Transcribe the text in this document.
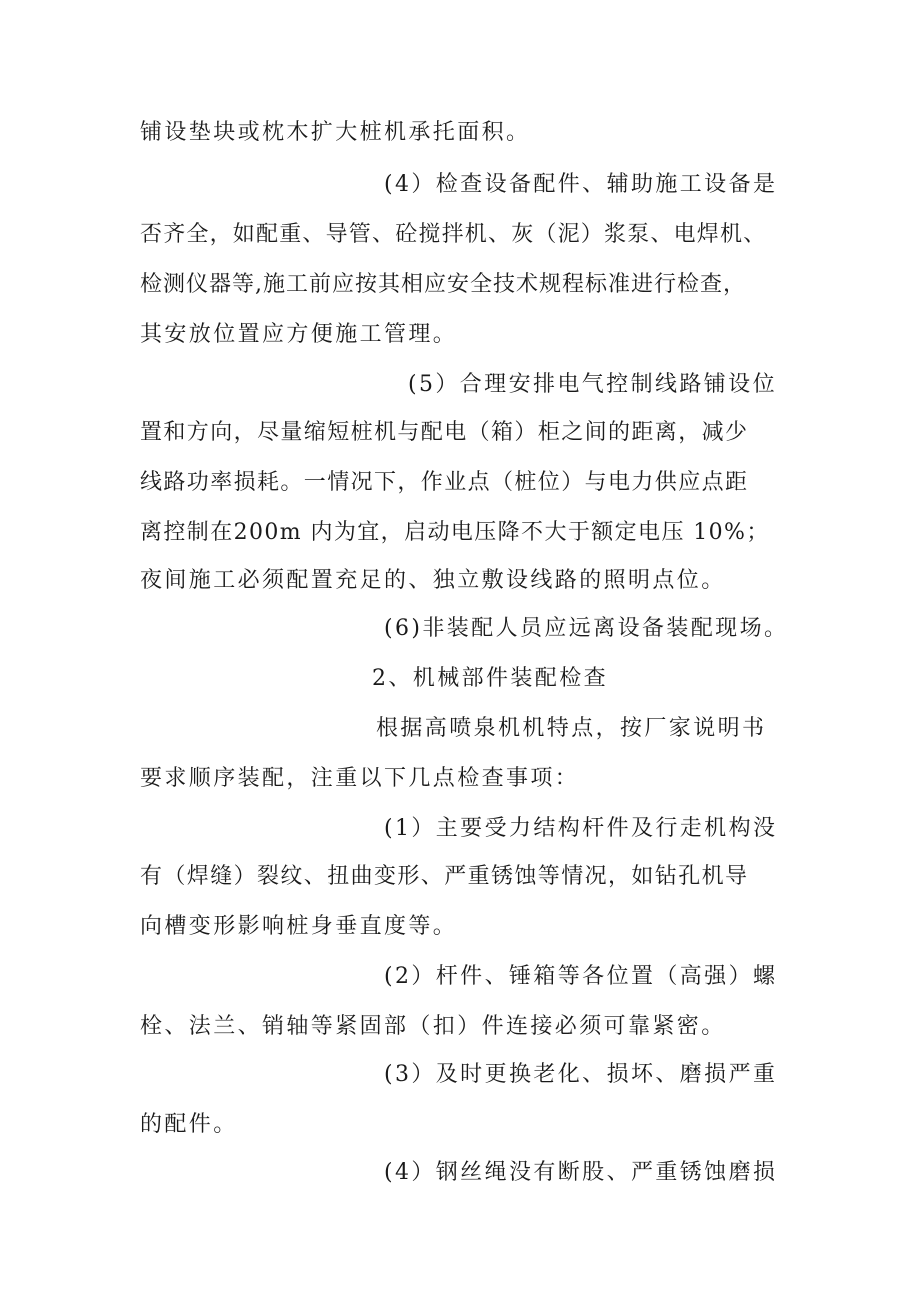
铺设垫块或枕木扩大桩机承托面积。
(4）检查设备配件、辅助施工设备是
否齐全，如配重、导管、砼搅拌机、灰（泥）浆泵、电焊机、
检测仪器等,施工前应按其相应安全技术规程标准进行检查，
其安放位置应方便施工管理。
(5）合理安排电气控制线路铺设位
置和方向，尽量缩短桩机与配电（箱）柜之间的距离，减少
线路功率损耗。一情况下，作业点（桩位）与电力供应点距
离控制在200m 内为宜，启动电压降不大于额定电压 10%；
夜间施工必须配置充足的、独立敷设线路的照明点位。
(6)非装配人员应远离设备装配现场。
2、机械部件装配检查
根据高喷泉机机特点，按厂家说明书
要求顺序装配，注重以下几点检查事项：
(1）主要受力结构杆件及行走机构没
有（焊缝）裂纹、扭曲变形、严重锈蚀等情况，如钻孔机导
向槽变形影响桩身垂直度等。
(2）杆件、锤箱等各位置（高强）螺
栓、法兰、销轴等紧固部（扣）件连接必须可靠紧密。
(3）及时更换老化、损坏、磨损严重
的配件。
(4）钢丝绳没有断股、严重锈蚀磨损
